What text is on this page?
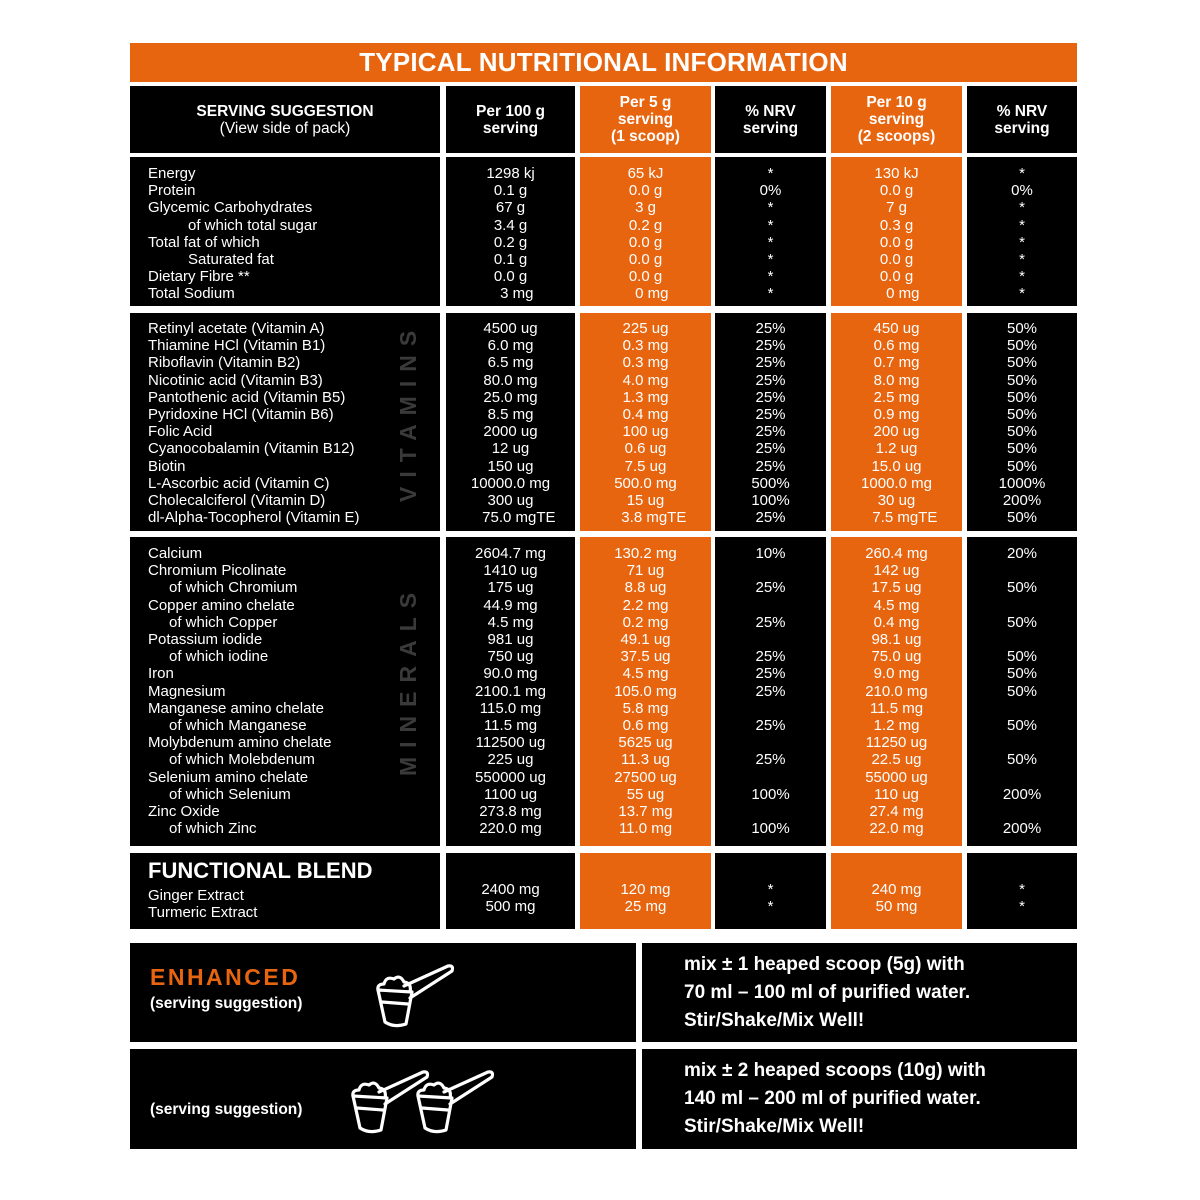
TYPICAL NUTRITIONAL INFORMATION
SERVING SUGGESTION
(View side of pack)
Per 100 g
serving
Per 5 g
serving
(1 scoop)
% NRV
serving
Per 10 g
serving
(2 scoops)
% NRV
serving
Energy
Protein
Glycemic Carbohydrates
of which total sugar
Total fat of which
Saturated fat
Dietary Fibre **
Total Sodium
1298 kj
0.1 g
67 g
3.4 g
0.2 g
0.1 g
0.0 g
3 mg
65 kJ
0.0 g
3 g
0.2 g
0.0 g
0.0 g
0.0 g
0 mg
*
0%
*
*
*
*
*
*
130 kJ
0.0 g
7 g
0.3 g
0.0 g
0.0 g
0.0 g
0 mg
*
0%
*
*
*
*
*
*
VITAMINS
Retinyl acetate (Vitamin A)
Thiamine HCl (Vitamin B1)
Riboflavin (Vitamin B2)
Nicotinic acid (Vitamin B3)
Pantothenic acid (Vitamin B5)
Pyridoxine HCl (Vitamin B6)
Folic Acid
Cyanocobalamin (Vitamin B12)
Biotin
L-Ascorbic acid (Vitamin C)
Cholecalciferol (Vitamin D)
dl-Alpha-Tocopherol (Vitamin E)
4500 ug
6.0 mg
6.5 mg
80.0 mg
25.0 mg
8.5 mg
2000 ug
12 ug
150 ug
10000.0 mg
300 ug
75.0 mgTE
225 ug
0.3 mg
0.3 mg
4.0 mg
1.3 mg
0.4 mg
100 ug
0.6 ug
7.5 ug
500.0 mg
15 ug
3.8 mgTE
25%
25%
25%
25%
25%
25%
25%
25%
25%
500%
100%
25%
450 ug
0.6 mg
0.7 mg
8.0 mg
2.5 mg
0.9 mg
200 ug
1.2 ug
15.0 ug
1000.0 mg
30 ug
7.5 mgTE
50%
50%
50%
50%
50%
50%
50%
50%
50%
1000%
200%
50%
MINERALS
Calcium
Chromium Picolinate
of which Chromium
Copper amino chelate
of which Copper
Potassium iodide
of which iodine
Iron
Magnesium
Manganese amino chelate
of which Manganese
Molybdenum amino chelate
of which Molebdenum
Selenium amino chelate
of which Selenium
Zinc Oxide
of which Zinc
2604.7 mg
1410 ug
175 ug
44.9 mg
4.5 mg
981 ug
750 ug
90.0 mg
2100.1 mg
115.0 mg
11.5 mg
112500 ug
225 ug
550000 ug
1100 ug
273.8 mg
220.0 mg
130.2 mg
71 ug
8.8 ug
2.2 mg
0.2 mg
49.1 ug
37.5 ug
4.5 mg
105.0 mg
5.8 mg
0.6 mg
5625 ug
11.3 ug
27500 ug
55 ug
13.7 mg
11.0 mg
10%

25%

25%

25%
25%
25%

25%

25%

100%

100%
260.4 mg
142 ug
17.5 ug
4.5 mg
0.4 mg
98.1 ug
75.0 ug
9.0 mg
210.0 mg
11.5 mg
1.2 mg
11250 ug
22.5 ug
55000 ug
110 ug
27.4 mg
22.0 mg
20%

50%

50%

50%
50%
50%

50%

50%

200%

200%
FUNCTIONAL BLEND
Ginger Extract
Turmeric Extract
2400 mg
500 mg
120 mg
25 mg
*
*
240 mg
50 mg
*
*
ENHANCED
(serving suggestion)
mix ± 1 heaped scoop (5g) with
70 ml – 100 ml of purified water.
Stir/Shake/Mix Well!
(serving suggestion)
mix ± 2 heaped scoops (10g) with
140 ml – 200 ml of purified water.
Stir/Shake/Mix Well!
